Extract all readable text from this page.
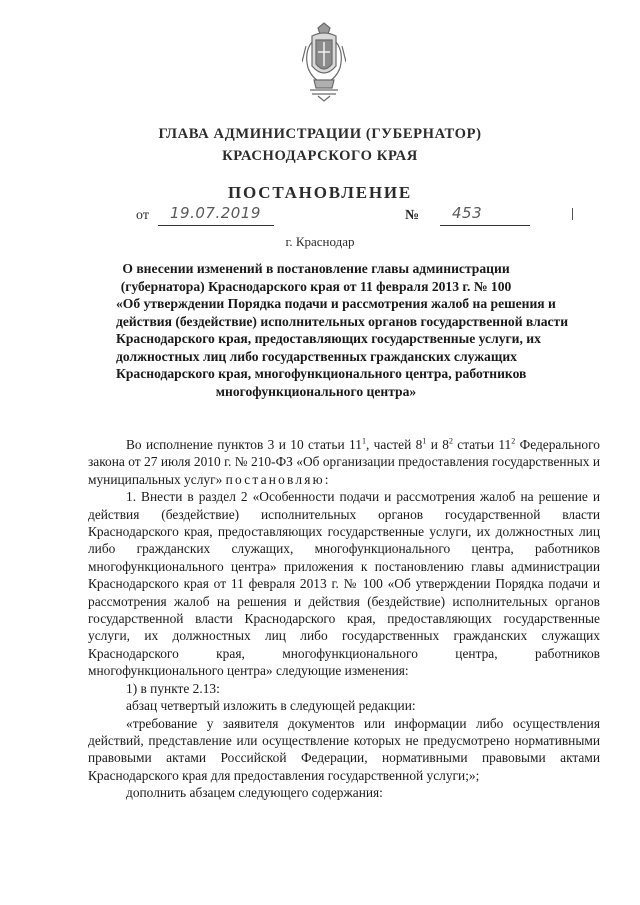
ГЛАВА АДМИНИСТРАЦИИ (ГУБЕРНАТОР)
КРАСНОДАРСКОГО КРАЯ
ПОСТАНОВЛЕНИЕ
от 19.07.2019	№ 453
г. Краснодар
О внесении изменений в постановление главы администрации
(губернатора) Краснодарского края от 11 февраля 2013 г. № 100
«Об утверждении Порядка подачи и рассмотрения жалоб на решения и
действия (бездействие) исполнительных органов государственной власти
Краснодарского края, предоставляющих государственные услуги, их
должностных лиц либо государственных гражданских служащих
Краснодарского края, многофункционального центра, работников
многофункционального центра»

Во исполнение пунктов 3 и 10 статьи $11^1$, частей $8^1$ и $8^2$ статьи $11^2$ Федерального закона от 27 июля 2010 г. № 210-ФЗ «Об организации предоставления государственных и муниципальных услуг» постановляю:

1. Внести в раздел 2 «Особенности подачи и рассмотрения жалоб на решение и действия (бездействие) исполнительных органов государственной власти Краснодарского края, предоставляющих государственные услуги, их должностных лиц либо гражданских служащих, многофункционального центра, работников многофункционального центра» приложения к постановлению главы администрации Краснодарского края от 11 февраля 2013 г. № 100 «Об утверждении Порядка подачи и рассмотрения жалоб на решения и действия (бездействие) исполнительных органов государственной власти Краснодарского края, предоставляющих государственные услуги, их должностных лиц либо государственных гражданских служащих Краснодарского края, многофункционального центра, работников многофункционального центра» следующие изменения:

1) в пункте 2.13:

абзац четвертый изложить в следующей редакции:

«требование у заявителя документов или информации либо осуществления действий, представление или осуществление которых не предусмотрено нормативными правовыми актами Российской Федерации, нормативными правовыми актами Краснодарского края для предоставления государственной услуги;»;

дополнить абзацем следующего содержания:
